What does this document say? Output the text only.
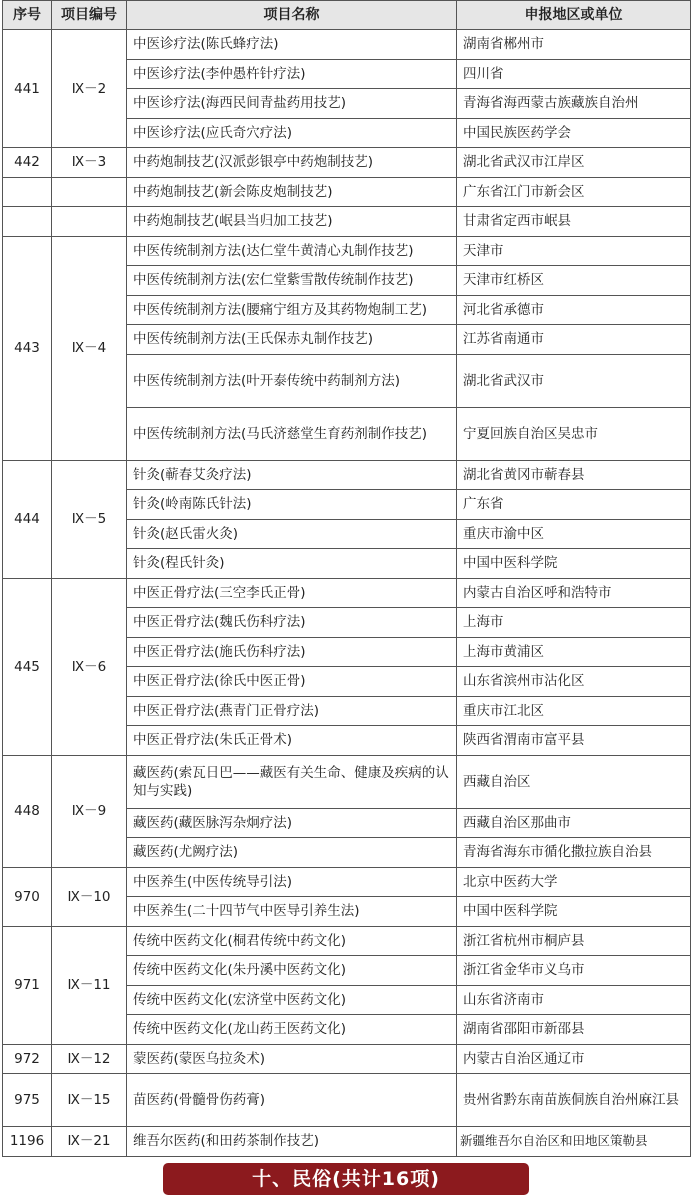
序号	项目编号	项目名称	申报地区或单位
441	Ⅸ－2	中医诊疗法(陈氏蜂疗法)	湖南省郴州市
		中医诊疗法(李仲愚杵针疗法)	四川省
		中医诊疗法(海西民间青盐药用技艺)	青海省海西蒙古族藏族自治州
		中医诊疗法(应氏奇穴疗法)	中国民族医药学会
442	Ⅸ－3	中药炮制技艺(汉派彭银亭中药炮制技艺)	湖北省武汉市江岸区
		中药炮制技艺(新会陈皮炮制技艺)	广东省江门市新会区
		中药炮制技艺(岷县当归加工技艺)	甘肃省定西市岷县
443	Ⅸ－4	中医传统制剂方法(达仁堂牛黄清心丸制作技艺)	天津市
		中医传统制剂方法(宏仁堂紫雪散传统制作技艺)	天津市红桥区
		中医传统制剂方法(腰痛宁组方及其药物炮制工艺)	河北省承德市
		中医传统制剂方法(王氏保赤丸制作技艺)	江苏省南通市
		中医传统制剂方法(叶开泰传统中药制剂方法)	湖北省武汉市
		中医传统制剂方法(马氏济慈堂生育药剂制作技艺)	宁夏回族自治区吴忠市
444	Ⅸ－5	针灸(蕲春艾灸疗法)	湖北省黄冈市蕲春县
		针灸(岭南陈氏针法)	广东省
		针灸(赵氏雷火灸)	重庆市渝中区
		针灸(程氏针灸)	中国中医科学院
445	Ⅸ－6	中医正骨疗法(三空李氏正骨)	内蒙古自治区呼和浩特市
		中医正骨疗法(魏氏伤科疗法)	上海市
		中医正骨疗法(施氏伤科疗法)	上海市黄浦区
		中医正骨疗法(徐氏中医正骨)	山东省滨州市沾化区
		中医正骨疗法(燕青门正骨疗法)	重庆市江北区
		中医正骨疗法(朱氏正骨术)	陕西省渭南市富平县
448	Ⅸ－9	藏医药(索瓦日巴——藏医有关生命、健康及疾病的认知与实践)	西藏自治区
		藏医药(藏医脉泻杂炯疗法)	西藏自治区那曲市
		藏医药(尤阙疗法)	青海省海东市循化撒拉族自治县
970	Ⅸ－10	中医养生(中医传统导引法)	北京中医药大学
		中医养生(二十四节气中医导引养生法)	中国中医科学院
971	Ⅸ－11	传统中医药文化(桐君传统中药文化)	浙江省杭州市桐庐县
		传统中医药文化(朱丹溪中医药文化)	浙江省金华市义乌市
		传统中医药文化(宏济堂中医药文化)	山东省济南市
		传统中医药文化(龙山药王医药文化)	湖南省邵阳市新邵县
972	Ⅸ－12	蒙医药(蒙医乌拉灸术)	内蒙古自治区通辽市
975	Ⅸ－15	苗医药(骨髓骨伤药膏)	贵州省黔东南苗族侗族自治州麻江县
1196	Ⅸ－21	维吾尔医药(和田药茶制作技艺)	新疆维吾尔自治区和田地区策勒县
十、民俗(共计16项)
